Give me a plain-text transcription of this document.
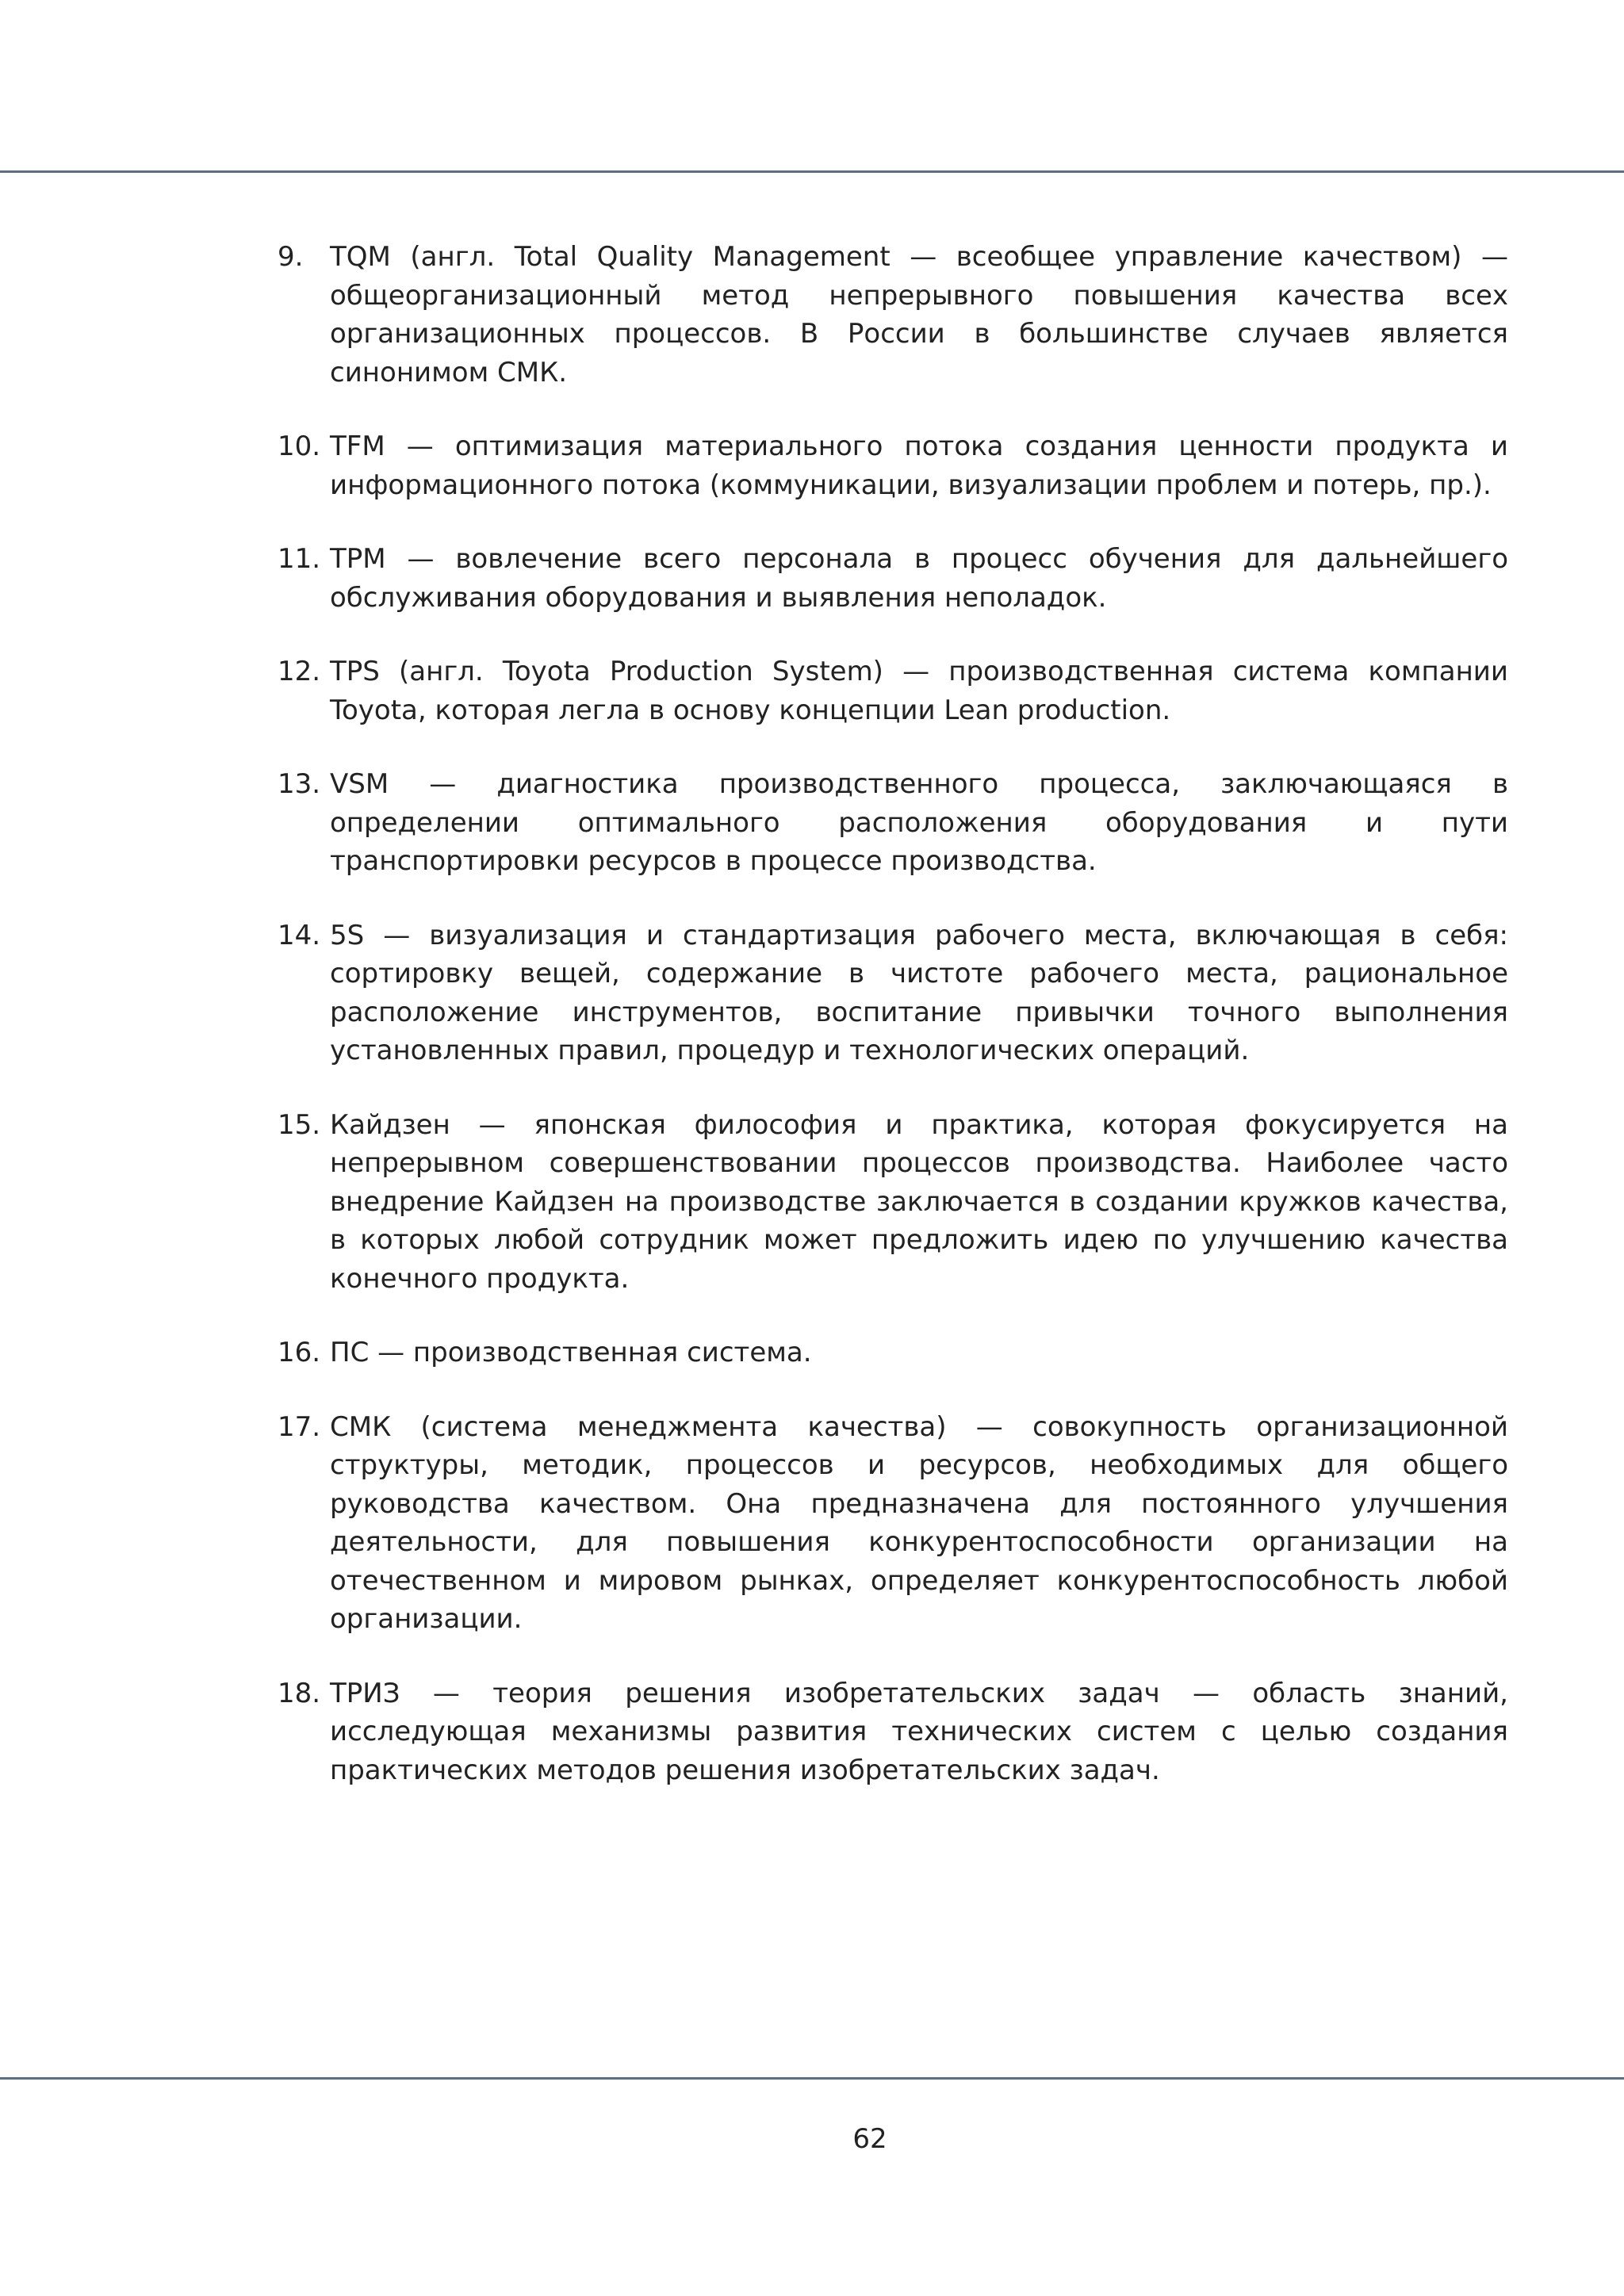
9. TQM (англ. Total Quality Management — всеобщее управление качеством) — общеорганизационный метод непрерывного повышения качества всех организационных процессов. В России в большинстве случаев является синонимом СМК.
10. TFM — оптимизация материального потока создания ценности продукта и информационного потока (коммуникации, визуализации проблем и потерь, пр.).
11. TPM — вовлечение всего персонала в процесс обучения для дальнейшего обслуживания оборудования и выявления неполадок.
12. TPS (англ. Toyota Production System) — производственная система компании Toyota, которая легла в основу концепции Lean production.
13. VSM — диагностика производственного процесса, заключающаяся в определении оптимального расположения оборудования и пути транспортировки ресурсов в процессе производства.
14. 5S — визуализация и стандартизация рабочего места, включающая в себя: сортировку вещей, содержание в чистоте рабочего места, рациональное расположение инструментов, воспитание привычки точного выполнения установленных правил, процедур и технологических операций.
15. Кайдзен — японская философия и практика, которая фокусируется на непрерывном совершенствовании процессов производства. Наиболее часто внедрение Кайдзен на производстве заключается в создании кружков качества, в которых любой сотрудник может предложить идею по улучшению качества конечного продукта.
16. ПС — производственная система.
17. СМК (система менеджмента качества) — совокупность организационной структуры, методик, процессов и ресурсов, необходимых для общего руководства качеством. Она предназначена для постоянного улучшения деятельности, для повышения конкурентоспособности организации на отечественном и мировом рынках, определяет конкурентоспособность любой организации.
18. ТРИЗ — теория решения изобретательских задач — область знаний, исследующая механизмы развития технических систем с целью создания практических методов решения изобретательских задач.
62
